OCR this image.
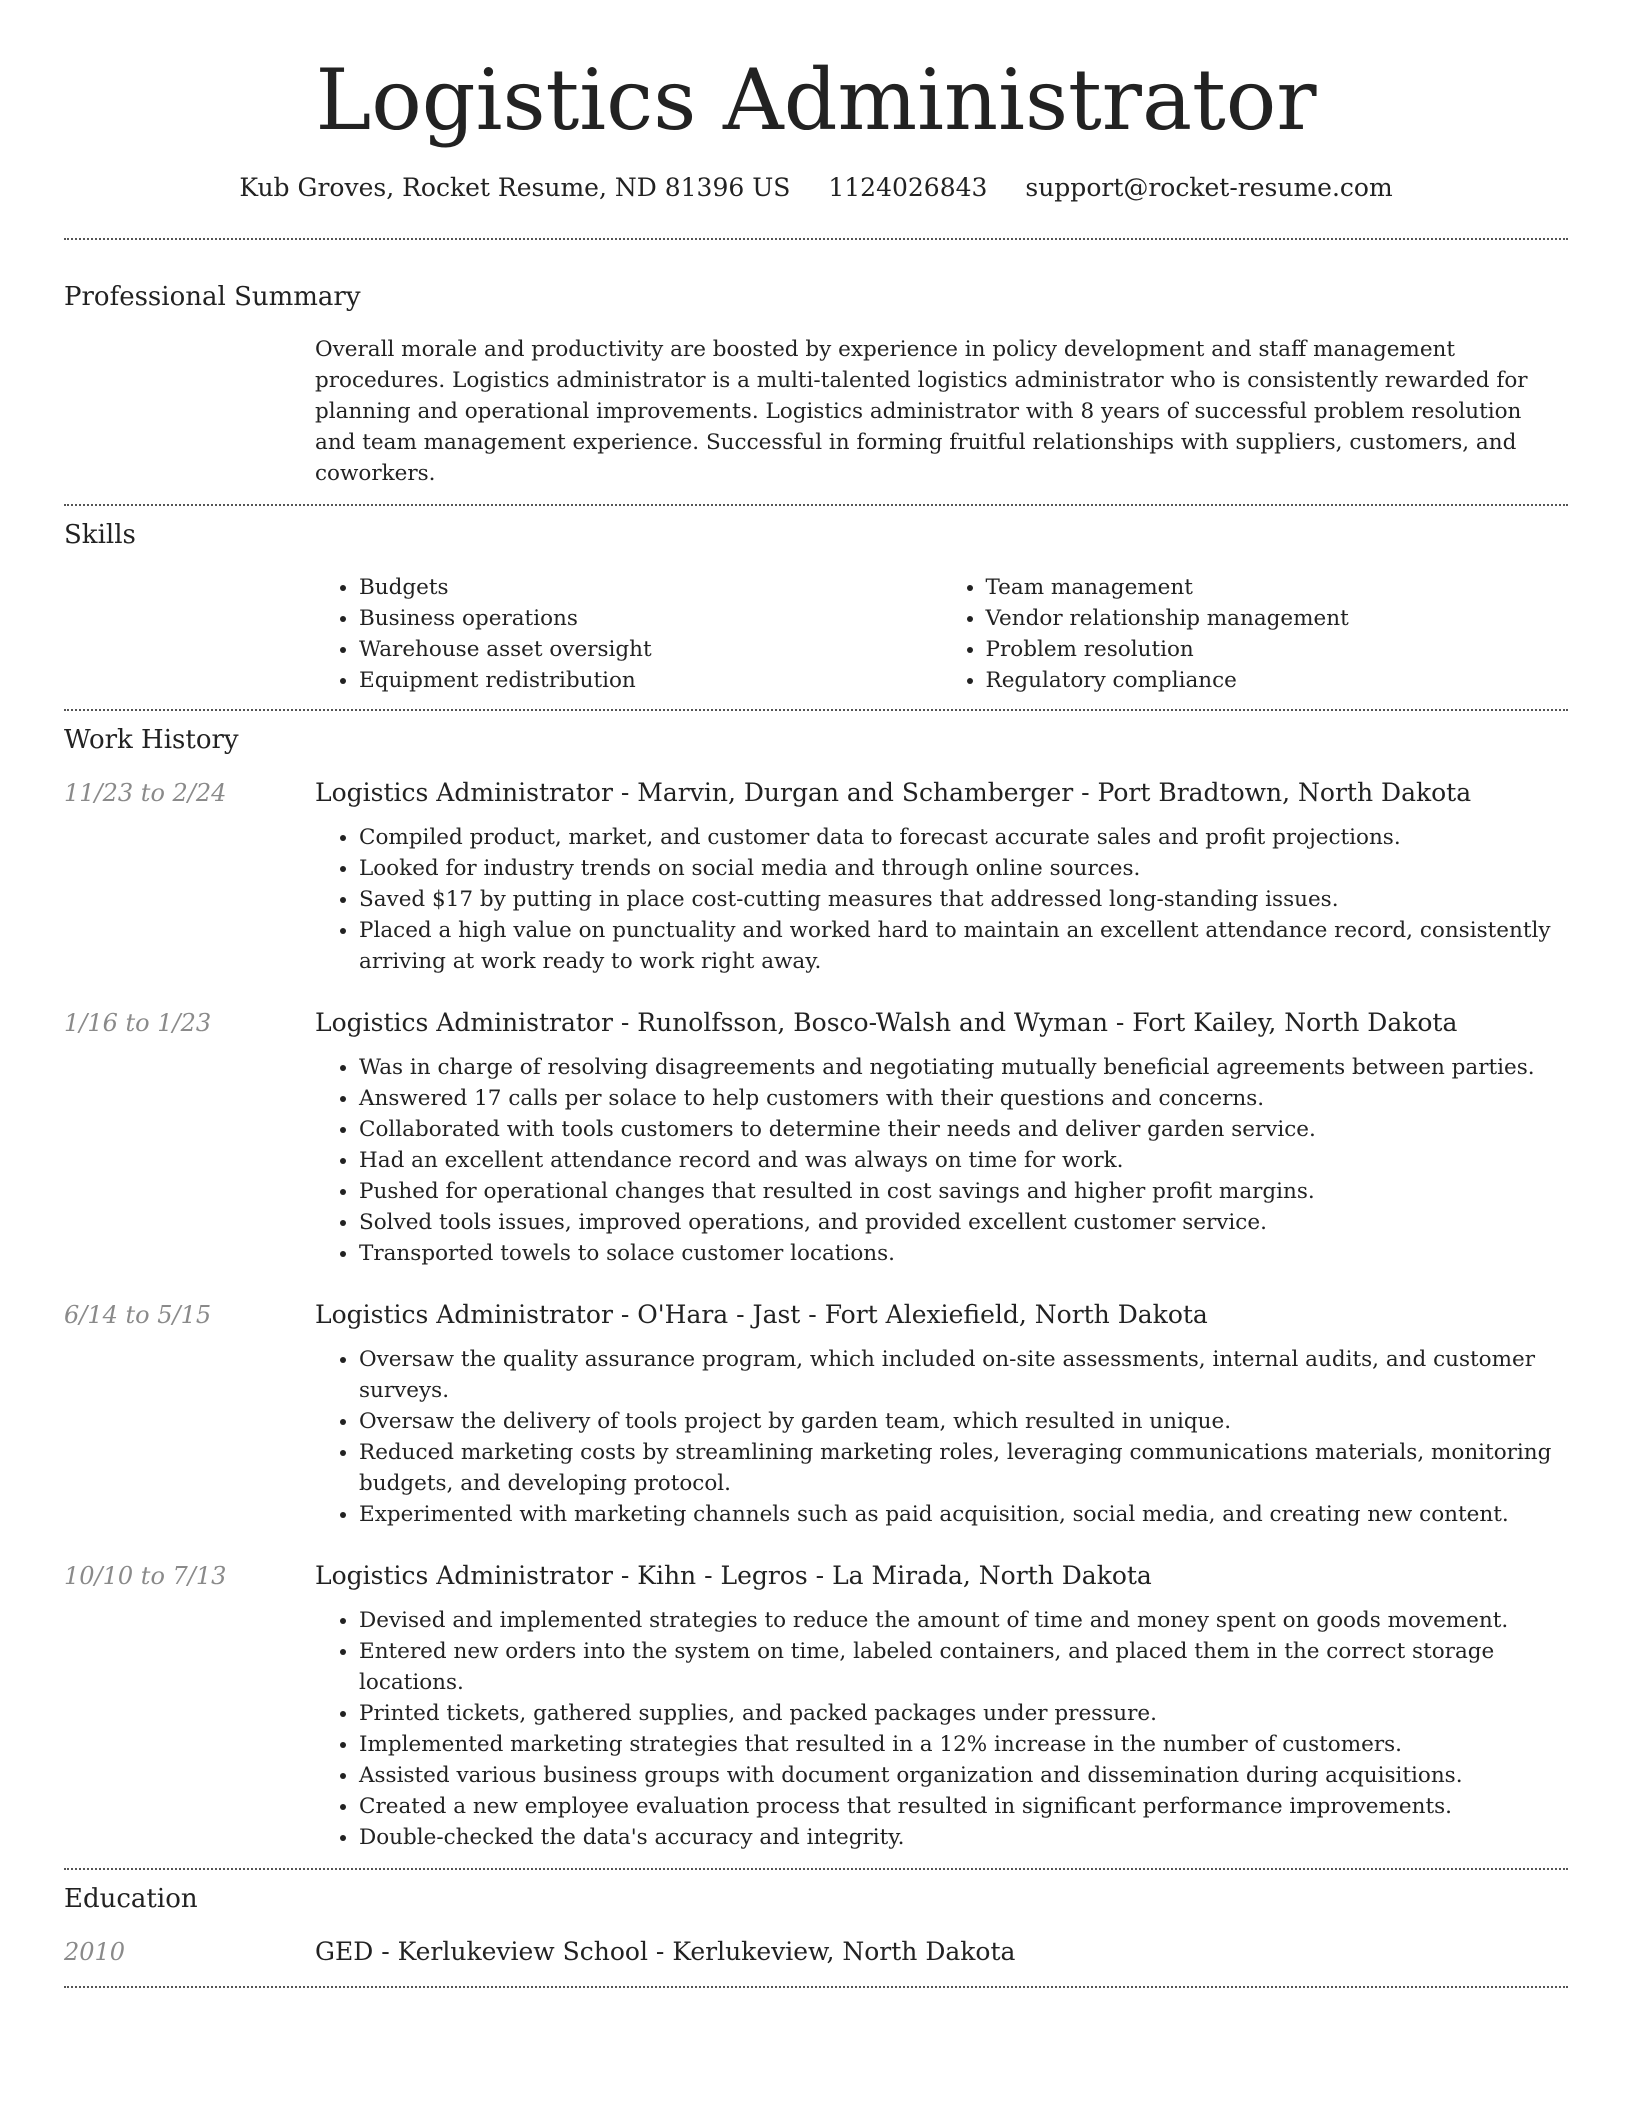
Logistics Administrator
Kub Groves, Rocket Resume, ND 81396 US 1124026843 support@rocket-resume.com
Professional Summary

Overall morale and productivity are boosted by experience in policy development and staff management procedures. Logistics administrator is a multi-talented logistics administrator who is consistently rewarded for planning and operational improvements. Logistics administrator with 8 years of successful problem resolution and team management experience. Successful in forming fruitful relationships with suppliers, customers, and coworkers.

Skills
• Budgets
• Business operations
• Warehouse asset oversight
• Equipment redistribution
• Team management
• Vendor relationship management
• Problem resolution
• Regulatory compliance
Work History
11/23 to 2/24	Logistics Administrator - Marvin, Durgan and Schamberger - Port Bradtown, North Dakota
• Compiled product, market, and customer data to forecast accurate sales and profit projections.
• Looked for industry trends on social media and through online sources.
• Saved $17 by putting in place cost-cutting measures that addressed long-standing issues.
• Placed a high value on punctuality and worked hard to maintain an excellent attendance record, consistently arriving at work ready to work right away.
1/16 to 1/23	Logistics Administrator - Runolfsson, Bosco-Walsh and Wyman - Fort Kailey, North Dakota
• Was in charge of resolving disagreements and negotiating mutually beneficial agreements between parties.
• Answered 17 calls per solace to help customers with their questions and concerns.
• Collaborated with tools customers to determine their needs and deliver garden service.
• Had an excellent attendance record and was always on time for work.
• Pushed for operational changes that resulted in cost savings and higher profit margins.
• Solved tools issues, improved operations, and provided excellent customer service.
• Transported towels to solace customer locations.
6/14 to 5/15	Logistics Administrator - O'Hara - Jast - Fort Alexiefield, North Dakota
• Oversaw the quality assurance program, which included on-site assessments, internal audits, and customer surveys.
• Oversaw the delivery of tools project by garden team, which resulted in unique.
• Reduced marketing costs by streamlining marketing roles, leveraging communications materials, monitoring budgets, and developing protocol.
• Experimented with marketing channels such as paid acquisition, social media, and creating new content.
10/10 to 7/13	Logistics Administrator - Kihn - Legros - La Mirada, North Dakota
• Devised and implemented strategies to reduce the amount of time and money spent on goods movement.
• Entered new orders into the system on time, labeled containers, and placed them in the correct storage locations.
• Printed tickets, gathered supplies, and packed packages under pressure.
• Implemented marketing strategies that resulted in a 12% increase in the number of customers.
• Assisted various business groups with document organization and dissemination during acquisitions.
• Created a new employee evaluation process that resulted in significant performance improvements.
• Double-checked the data's accuracy and integrity.
Education
2010	GED - Kerlukeview School - Kerlukeview, North Dakota
